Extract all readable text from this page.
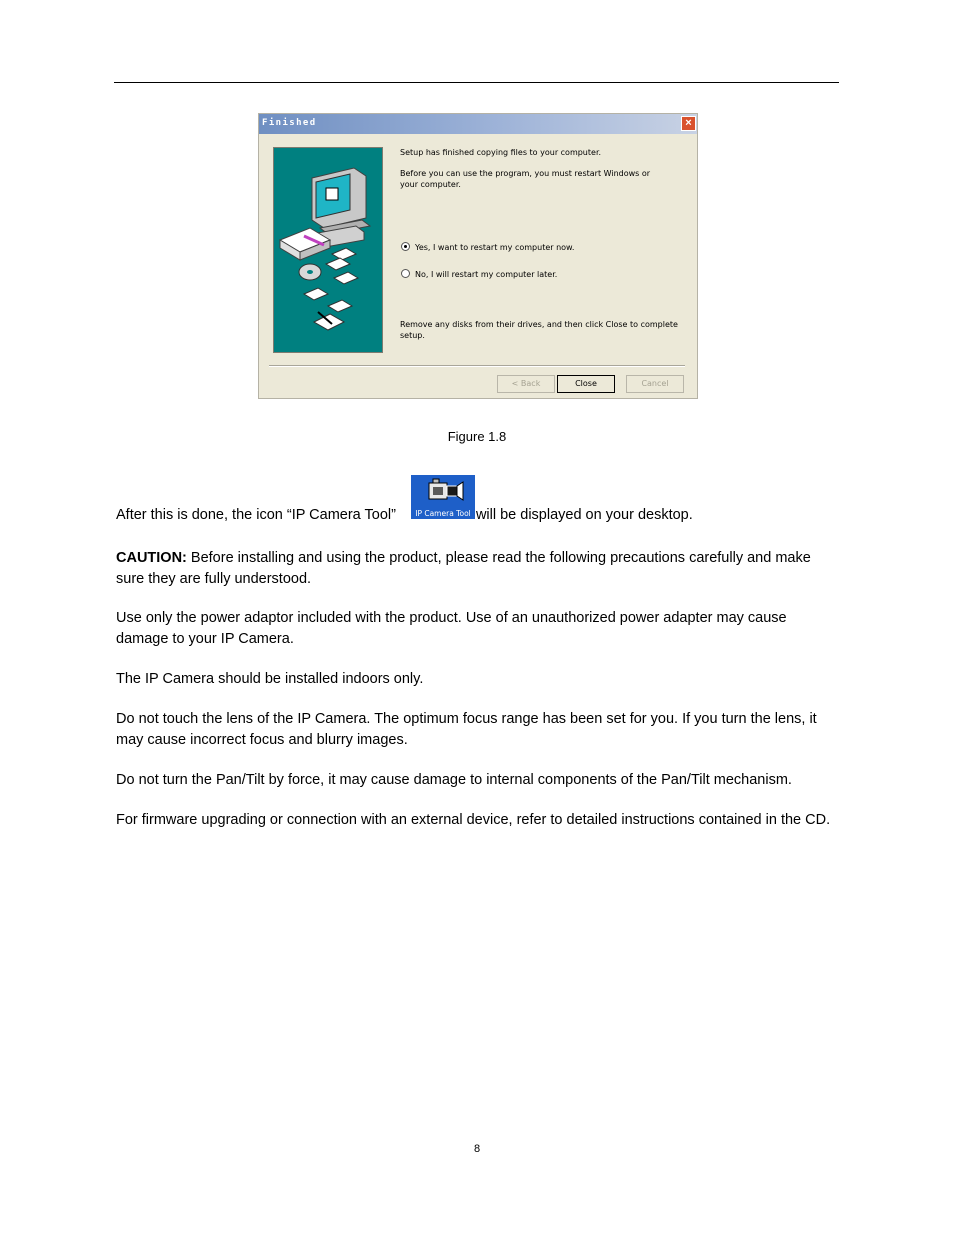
Finished	×
Setup has finished copying files to your computer.
Before you can use the program, you must restart Windows or your computer.
Yes, I want to restart my computer now.
No, I will restart my computer later.
Remove any disks from their drives, and then click Close to complete setup.
< Back	Close	Cancel
Figure 1.8

After this is done, the icon “IP Camera Tool”	will be displayed on your desktop.

IP Camera Tool

CAUTION: Before installing and using the product, please read the following precautions carefully and make sure they are fully understood.

Use only the power adaptor included with the product. Use of an unauthorized power adapter may cause damage to your IP Camera.

The IP Camera should be installed indoors only.

Do not touch the lens of the IP Camera. The optimum focus range has been set for you. If you turn the lens, it may cause incorrect focus and blurry images.

Do not turn the Pan/Tilt by force, it may cause damage to internal components of the Pan/Tilt mechanism.

For firmware upgrading or connection with an external device, refer to detailed instructions contained in the CD.

8
